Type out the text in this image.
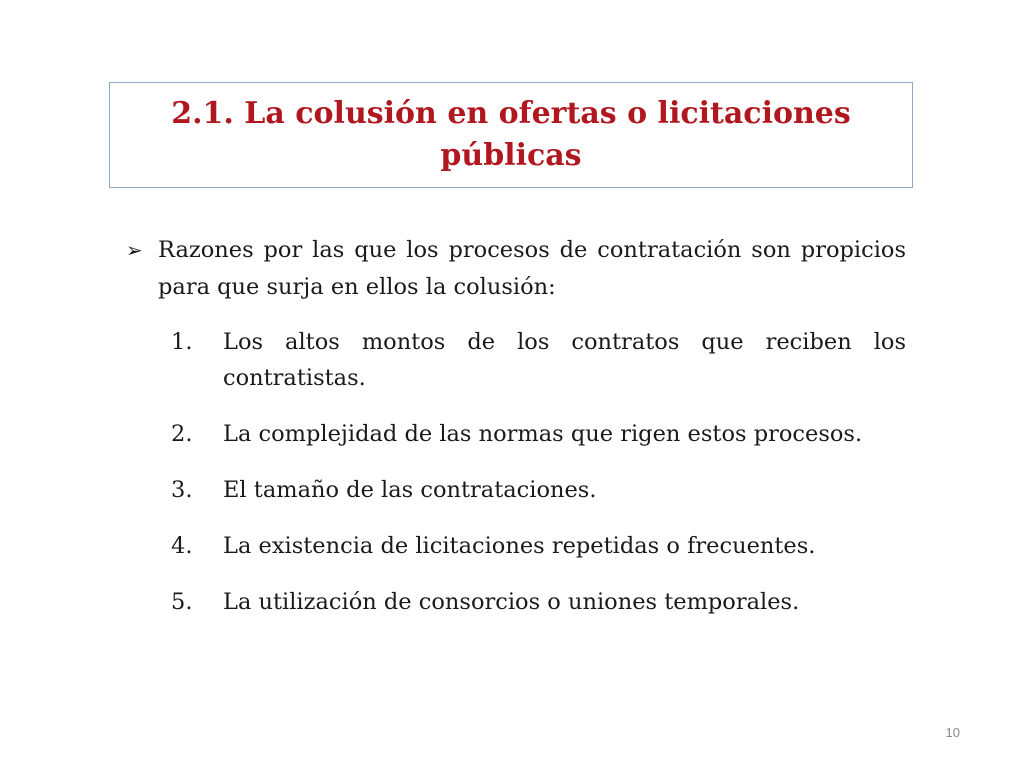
2.1. La colusión en ofertas o licitaciones públicas
➢ Razones por las que los procesos de contratación son propicios para que surja en ellos la colusión:
1.	Los altos montos de los contratos que reciben los contratistas.
2.	La complejidad de las normas que rigen estos procesos.
3.	El tamaño de las contrataciones.
4.	La existencia de licitaciones repetidas o frecuentes.
5.	La utilización de consorcios o uniones temporales.
10
